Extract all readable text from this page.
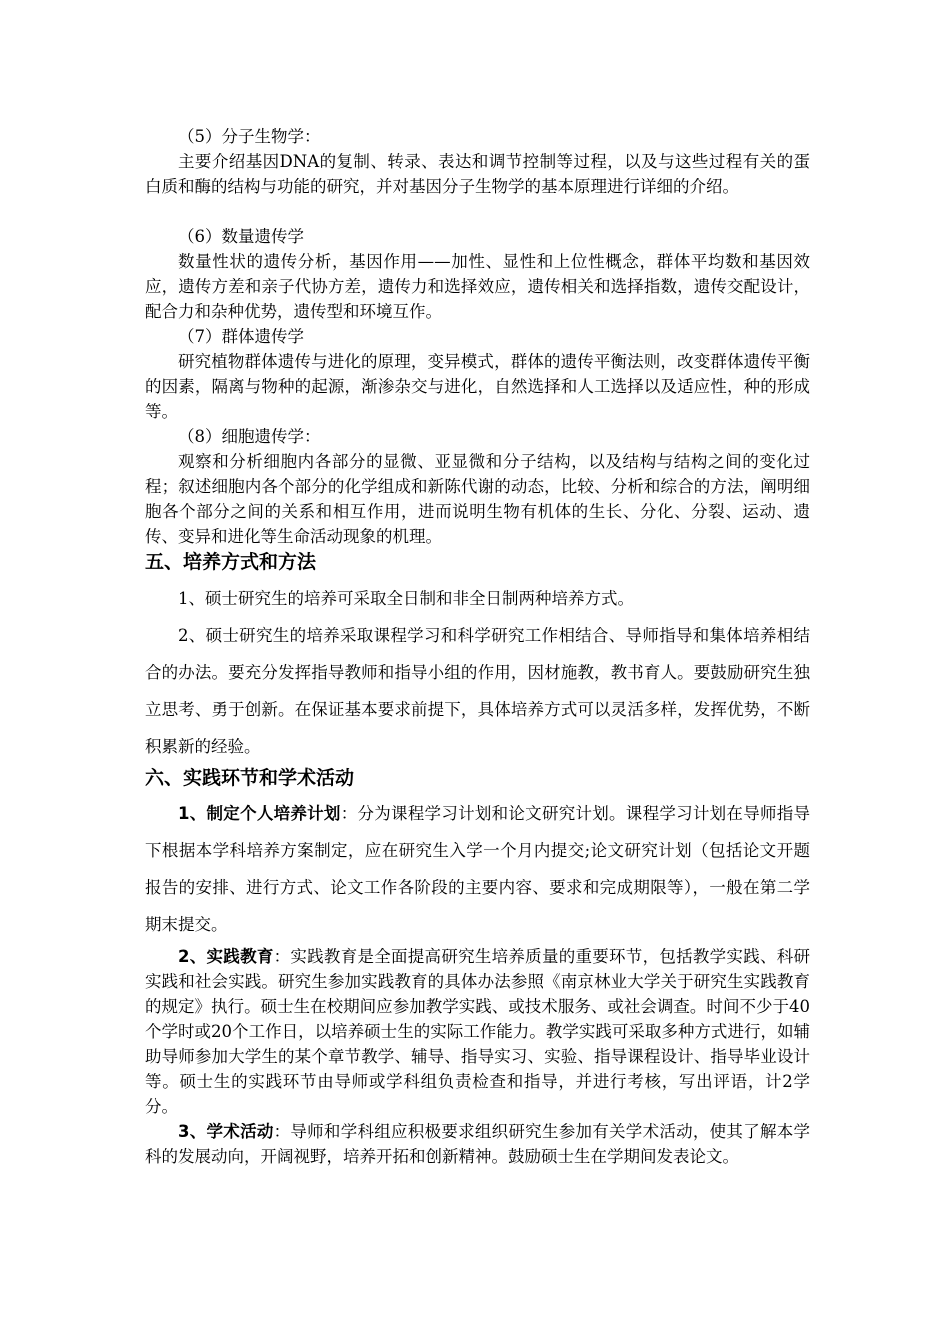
（5）分子生物学：
主要介绍基因DNA的复制、转录、表达和调节控制等过程，以及与这些过程有关的蛋白质和酶的结构与功能的研究，并对基因分子生物学的基本原理进行详细的介绍。
（6）数量遗传学
数量性状的遗传分析，基因作用——加性、显性和上位性概念，群体平均数和基因效应，遗传方差和亲子代协方差，遗传力和选择效应，遗传相关和选择指数，遗传交配设计，配合力和杂种优势，遗传型和环境互作。
（7）群体遗传学
研究植物群体遗传与进化的原理，变异模式，群体的遗传平衡法则，改变群体遗传平衡的因素，隔离与物种的起源，渐渗杂交与进化，自然选择和人工选择以及适应性，种的形成等。
（8）细胞遗传学：
观察和分析细胞内各部分的显微、亚显微和分子结构，以及结构与结构之间的变化过程；叙述细胞内各个部分的化学组成和新陈代谢的动态，比较、分析和综合的方法，阐明细胞各个部分之间的关系和相互作用，进而说明生物有机体的生长、分化、分裂、运动、遗传、变异和进化等生命活动现象的机理。
五、培养方式和方法
1、硕士研究生的培养可采取全日制和非全日制两种培养方式。
2、硕士研究生的培养采取课程学习和科学研究工作相结合、导师指导和集体培养相结合的办法。要充分发挥指导教师和指导小组的作用，因材施教，教书育人。要鼓励研究生独立思考、勇于创新。在保证基本要求前提下，具体培养方式可以灵活多样，发挥优势，不断积累新的经验。
六、实践环节和学术活动
1、制定个人培养计划：分为课程学习计划和论文研究计划。课程学习计划在导师指导下根据本学科培养方案制定，应在研究生入学一个月内提交;论文研究计划（包括论文开题报告的安排、进行方式、论文工作各阶段的主要内容、要求和完成期限等），一般在第二学期末提交。
2、实践教育：实践教育是全面提高研究生培养质量的重要环节，包括教学实践、科研实践和社会实践。研究生参加实践教育的具体办法参照《南京林业大学关于研究生实践教育的规定》执行。硕士生在校期间应参加教学实践、或技术服务、或社会调查。时间不少于40个学时或20个工作日，以培养硕士生的实际工作能力。教学实践可采取多种方式进行，如辅助导师参加大学生的某个章节教学、辅导、指导实习、实验、指导课程设计、指导毕业设计等。硕士生的实践环节由导师或学科组负责检查和指导，并进行考核，写出评语，计2学分。
3、学术活动：导师和学科组应积极要求组织研究生参加有关学术活动，使其了解本学科的发展动向，开阔视野，培养开拓和创新精神。鼓励硕士生在学期间发表论文。
